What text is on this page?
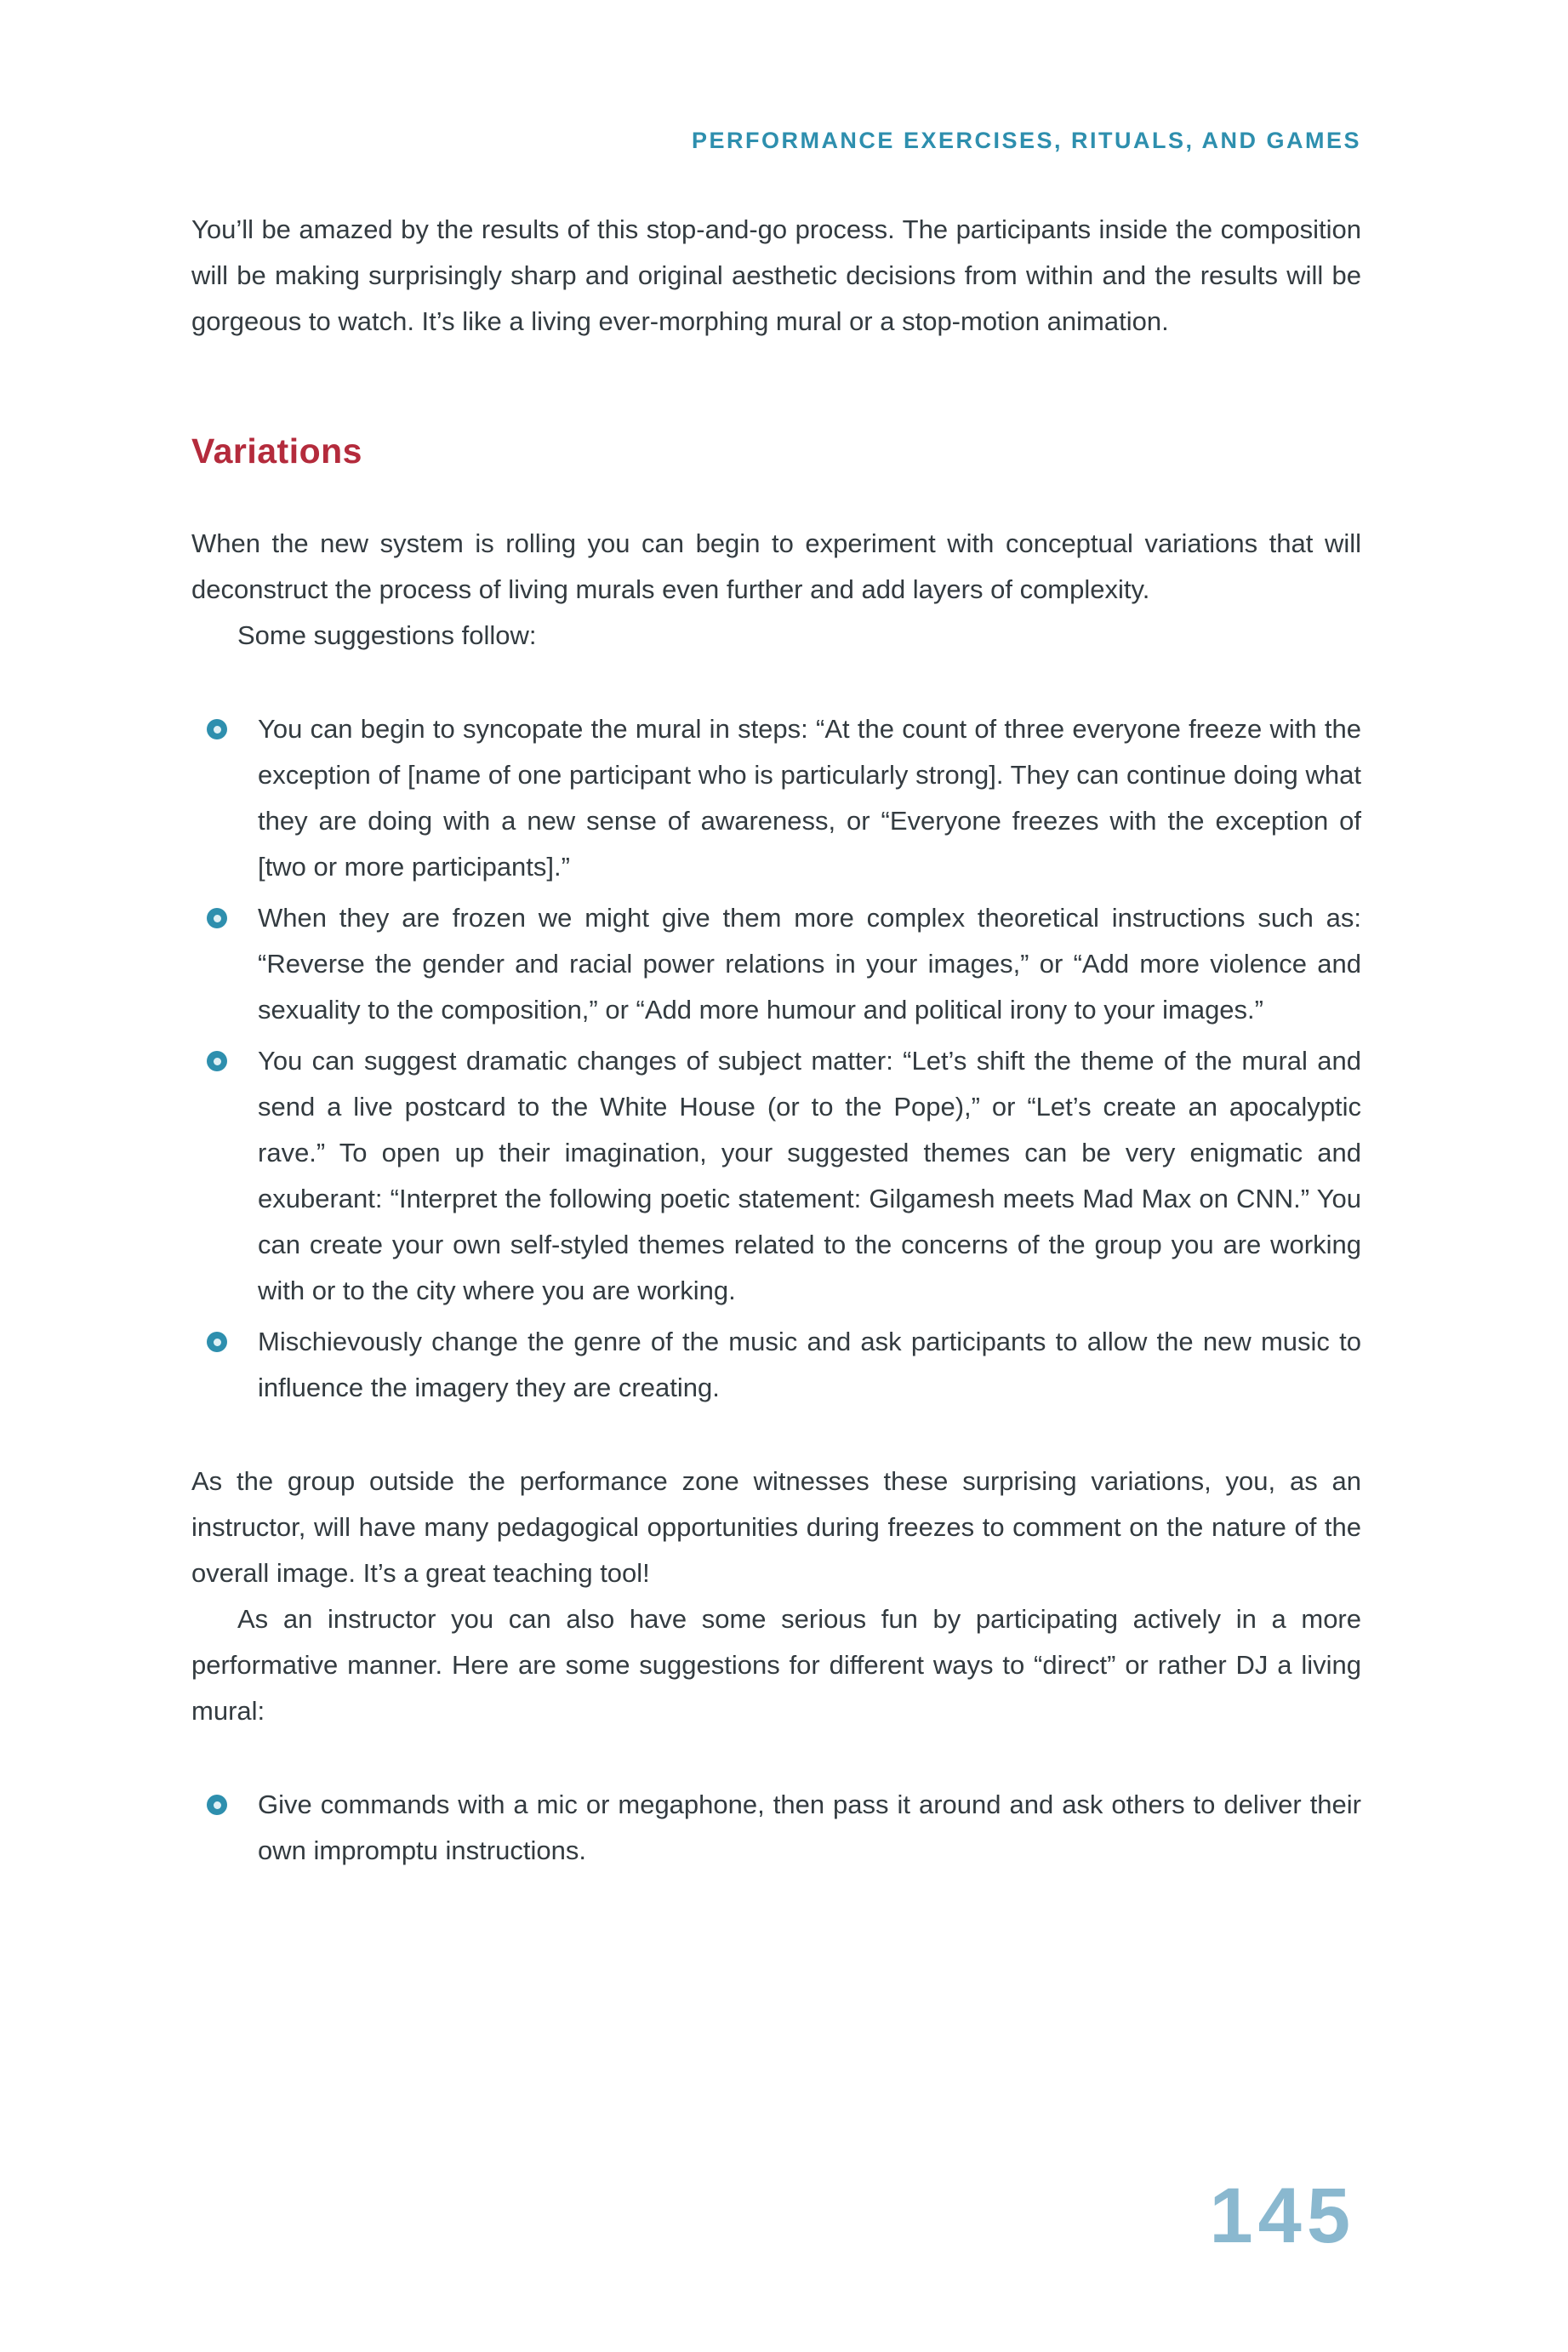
PERFORMANCE EXERCISES, RITUALS, AND GAMES

You’ll be amazed by the results of this stop-and-go process. The participants inside the composition will be making surprisingly sharp and original aesthetic decisions from within and the results will be gorgeous to watch. It’s like a living ever-morphing mural or a stop-motion animation.

Variations

When the new system is rolling you can begin to experiment with conceptual variations that will deconstruct the process of living murals even further and add layers of complexity.

Some suggestions follow:

You can begin to syncopate the mural in steps: “At the count of three everyone freeze with the exception of [name of one participant who is particularly strong]. They can continue doing what they are doing with a new sense of awareness, or “Everyone freezes with the exception of [two or more participants].”
When they are frozen we might give them more complex theoretical instructions such as: “Reverse the gender and racial power relations in your images,” or “Add more violence and sexuality to the composition,” or “Add more humour and political irony to your images.”
You can suggest dramatic changes of subject matter: “Let’s shift the theme of the mural and send a live postcard to the White House (or to the Pope),” or “Let’s create an apocalyptic rave.” To open up their imagination, your suggested themes can be very enigmatic and exuberant: “Interpret the following poetic statement: Gilgamesh meets Mad Max on CNN.” You can create your own self-styled themes related to the concerns of the group you are working with or to the city where you are working.
Mischievously change the genre of the music and ask participants to allow the new music to influence the imagery they are creating.

As the group outside the performance zone witnesses these surprising variations, you, as an instructor, will have many pedagogical opportunities during freezes to comment on the nature of the overall image. It’s a great teaching tool!

As an instructor you can also have some serious fun by participating actively in a more performative manner. Here are some suggestions for different ways to “direct” or rather DJ a living mural:

Give commands with a mic or megaphone, then pass it around and ask others to deliver their own impromptu instructions.
145
